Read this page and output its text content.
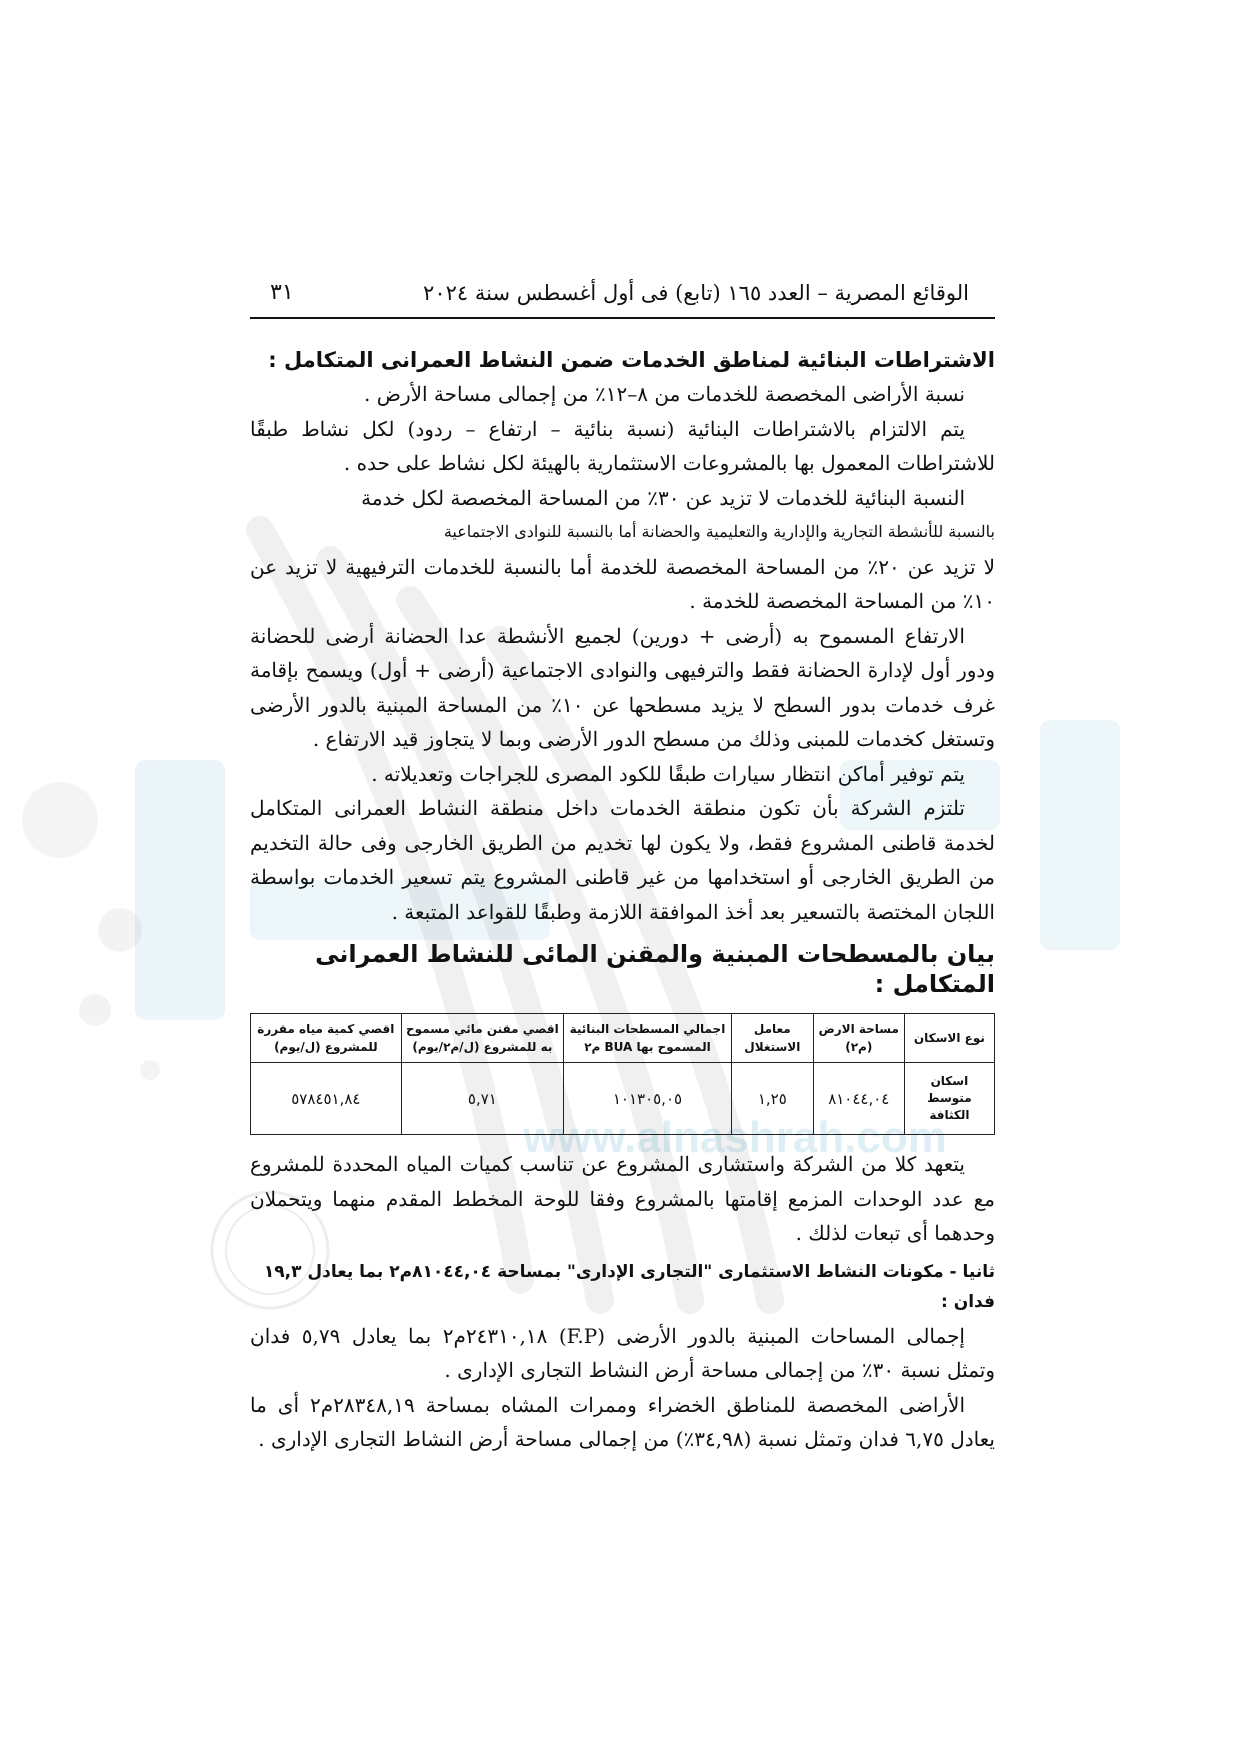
www.alnashrah.com
الوقائع المصرية – العدد ١٦٥ (تابع) فى أول أغسطس سنة ٢٠٢٤
٣١
الاشتراطات البنائية لمناطق الخدمات ضمن النشاط العمرانى المتكامل :

نسبة الأراضى المخصصة للخدمات من ٨–١٢٪ من إجمالى مساحة الأرض .

يتم الالتزام بالاشتراطات البنائية (نسبة بنائية – ارتفاع – ردود) لكل نشاط طبقًا للاشتراطات المعمول بها بالمشروعات الاستثمارية بالهيئة لكل نشاط على حده .

النسبة البنائية للخدمات لا تزيد عن ٣٠٪ من المساحة المخصصة لكل خدمة

بالنسبة للأنشطة التجارية والإدارية والتعليمية والحضانة أما بالنسبة للنوادى الاجتماعية

لا تزيد عن ٢٠٪ من المساحة المخصصة للخدمة أما بالنسبة للخدمات الترفيهية لا تزيد عن ١٠٪ من المساحة المخصصة للخدمة .

الارتفاع المسموح به (أرضى + دورين) لجميع الأنشطة عدا الحضانة أرضى للحضانة ودور أول لإدارة الحضانة فقط والترفيهى والنوادى الاجتماعية (أرضى + أول) ويسمح بإقامة غرف خدمات بدور السطح لا يزيد مسطحها عن ١٠٪ من المساحة المبنية بالدور الأرضى وتستغل كخدمات للمبنى وذلك من مسطح الدور الأرضى وبما لا يتجاوز قيد الارتفاع .

يتم توفير أماكن انتظار سيارات طبقًا للكود المصرى للجراجات وتعديلاته .

تلتزم الشركة بأن تكون منطقة الخدمات داخل منطقة النشاط العمرانى المتكامل لخدمة قاطنى المشروع فقط، ولا يكون لها تخديم من الطريق الخارجى وفى حالة التخديم من الطريق الخارجى أو استخدامها من غير قاطنى المشروع يتم تسعير الخدمات بواسطة اللجان المختصة بالتسعير بعد أخذ الموافقة اللازمة وطبقًا للقواعد المتبعة .

بيان بالمسطحات المبنية والمقنن المائى للنشاط العمرانى المتكامل :
نوع الاسكان	مساحة الارض (م٢)	معامل الاستغلال	اجمالي المسطحات البنائية المسموح بها BUA م٢	اقصي مقنن مائي مسموح به للمشروع (ل/م٢/يوم)	اقصي كمية مياه مقررة للمشروع (ل/يوم)
اسكان متوسط الكثافة	٨١٠٤٤,٠٤	١,٢٥	١٠١٣٠٥,٠٥	٥,٧١	٥٧٨٤٥١,٨٤

يتعهد كلا من الشركة واستشارى المشروع عن تناسب كميات المياه المحددة للمشروع مع عدد الوحدات المزمع إقامتها بالمشروع وفقا للوحة المخطط المقدم منهما ويتحملان وحدهما أى تبعات لذلك .

ثانيا - مكونات النشاط الاستثمارى "التجارى الإدارى" بمساحة ٨١٠٤٤,٠٤م٢ بما يعادل ١٩,٣ فدان :

إجمالى المساحات المبنية بالدور الأرضى (F.P) ٢٤٣١٠,١٨م٢ بما يعادل ٥,٧٩ فدان وتمثل نسبة ٣٠٪ من إجمالى مساحة أرض النشاط التجارى الإدارى .

الأراضى المخصصة للمناطق الخضراء وممرات المشاه بمساحة ٢٨٣٤٨,١٩م٢ أى ما يعادل ٦,٧٥ فدان وتمثل نسبة (٣٤,٩٨٪) من إجمالى مساحة أرض النشاط التجارى الإدارى .
